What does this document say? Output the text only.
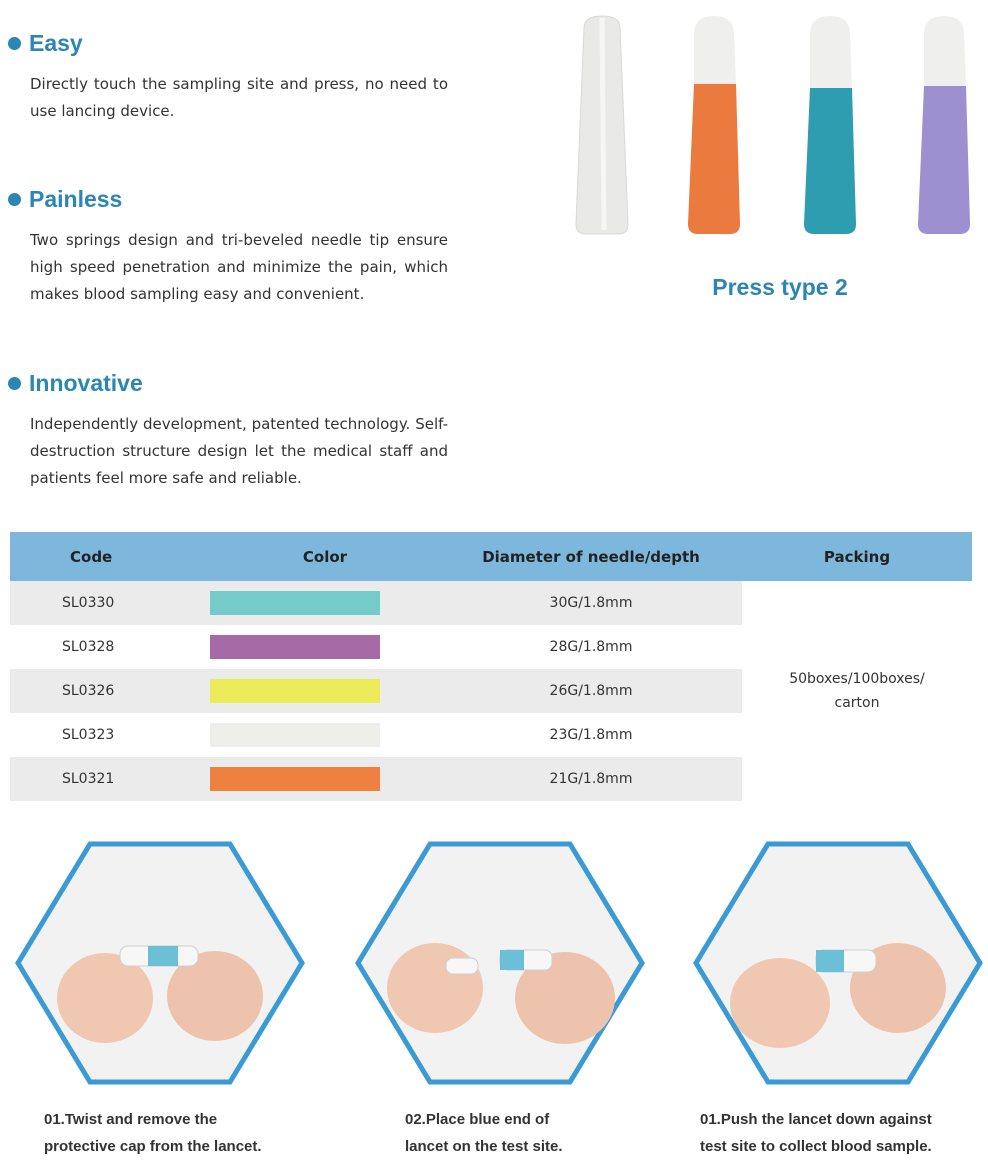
Easy
Directly touch the sampling site and press, no need to use lancing device.
Painless
Two springs design and tri-beveled needle tip ensure high speed penetration and minimize the pain, which makes blood sampling easy and convenient.
Innovative
Independently development, patented technology. Self-destruction structure design let the medical staff and patients feel more safe and reliable.
Press type 2
Code	Color	Diameter of needle/depth	Packing
SL0330		30G/1.8mm	50boxes/100boxes/
carton

SL0328		28G/1.8mm	
SL0326		26G/1.8mm	
SL0323		23G/1.8mm	
SL0321		21G/1.8mm	
01.Twist and remove the
protective cap from the lancet.
02.Place blue end of
lancet on the test site.
01.Push the lancet down against
test site to collect blood sample.
